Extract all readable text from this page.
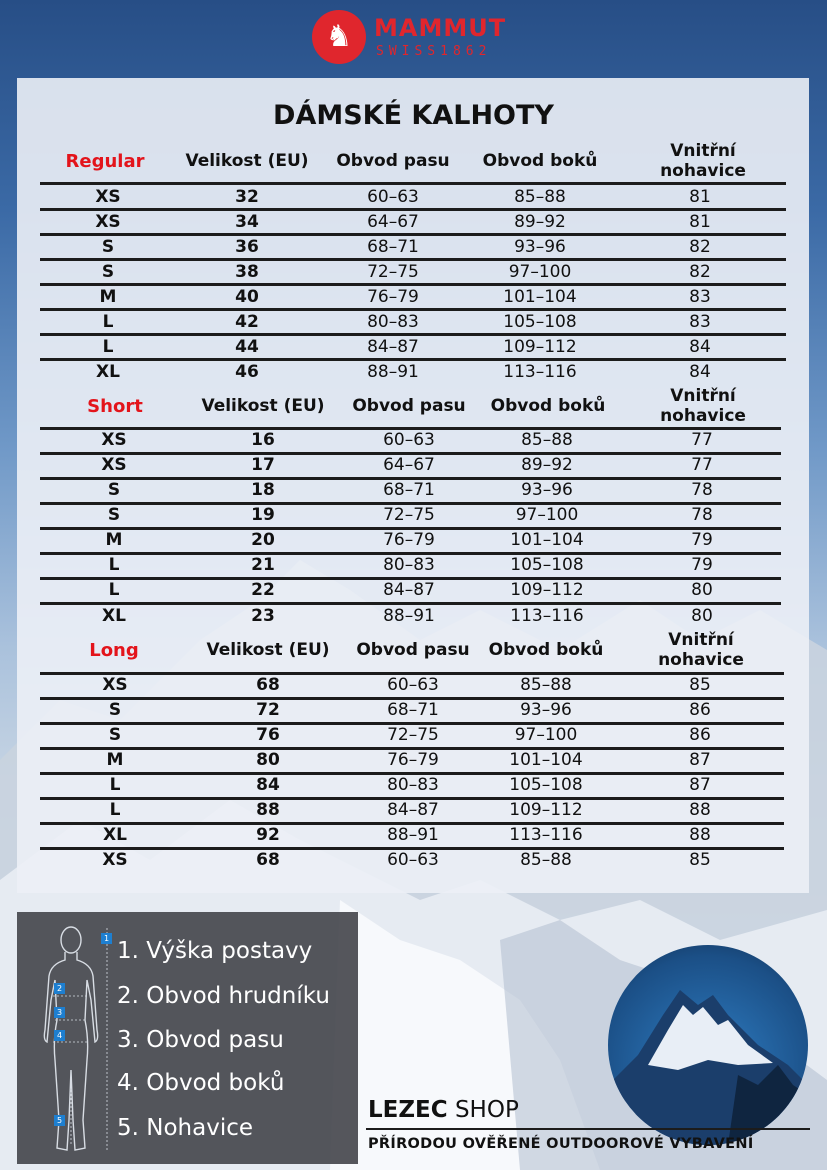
♞ MAMMUT
SWISS1862
DÁMSKÉ KALHOTY
Regular	Velikost (EU)	Obvod pasu	Obvod boků	Vnitřní nohavice
XS	32	60–63	85–88	81
XS	34	64–67	89–92	81
S	36	68–71	93–96	82
S	38	72–75	97–100	82
M	40	76–79	101–104	83
L	42	80–83	105–108	83
L	44	84–87	109–112	84
XL	46	88–91	113–116	84
Short	Velikost (EU)	Obvod pasu	Obvod boků	Vnitřní nohavice
XS	16	60–63	85–88	77
XS	17	64–67	89–92	77
S	18	68–71	93–96	78
S	19	72–75	97–100	78
M	20	76–79	101–104	79
L	21	80–83	105–108	79
L	22	84–87	109–112	80
XL	23	88–91	113–116	80
Long	Velikost (EU)	Obvod pasu	Obvod boků	Vnitřní nohavice
XS	68	60–63	85–88	85
S	72	68–71	93–96	86
S	76	72–75	97–100	86
M	80	76–79	101–104	87
L	84	80–83	105–108	87
L	88	84–87	109–112	88
XL	92	88–91	113–116	88
XS	68	60–63	85–88	85
1
2
3
4
5
1. Výška postavy
2. Obvod hrudníku
3. Obvod pasu
4. Obvod boků
5. Nohavice
LEZEC SHOP
PŘÍRODOU OVĚŘENÉ OUTDOOROVÉ VYBAVENÍ
